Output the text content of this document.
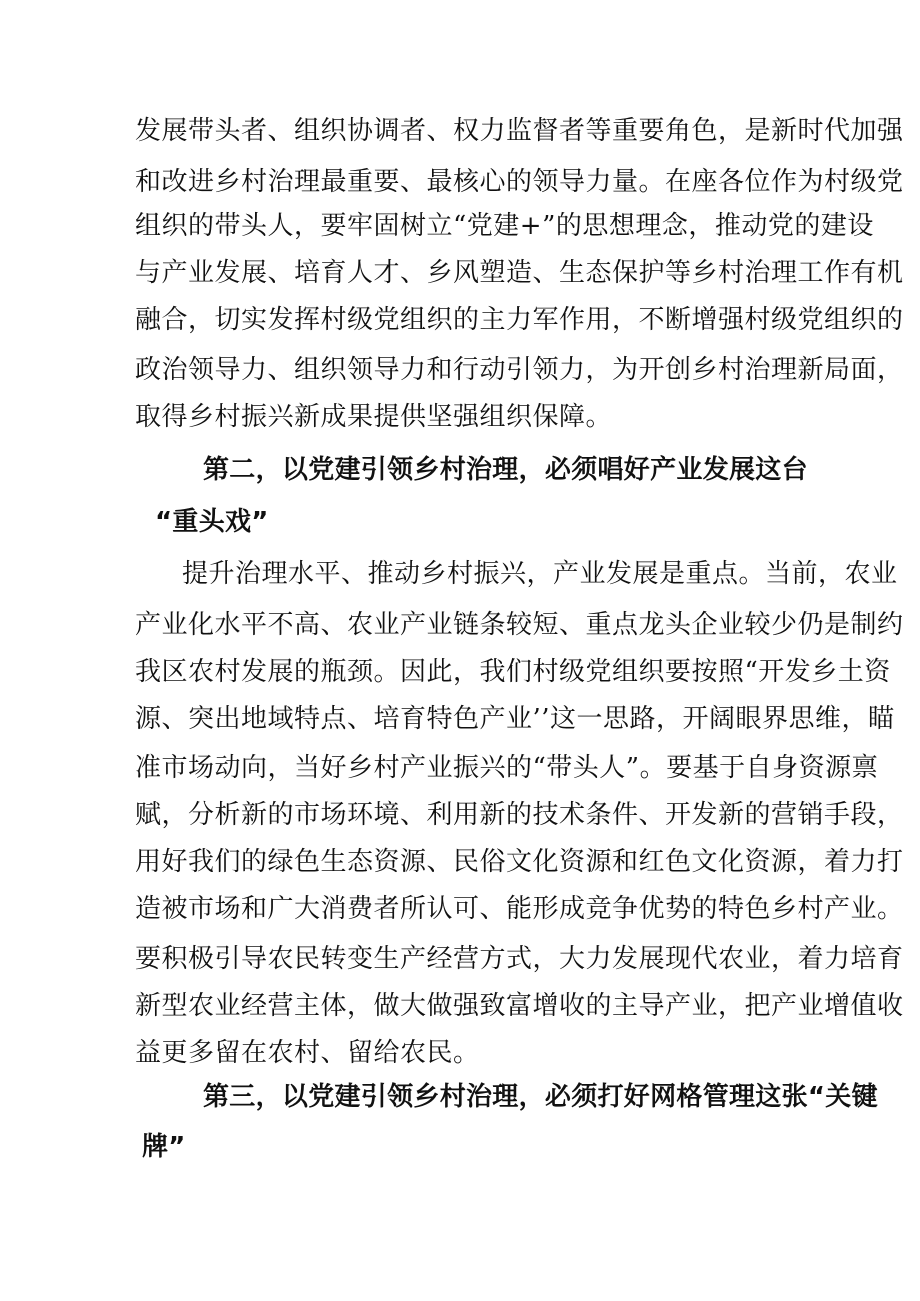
发展带头者、组织协调者、权力监督者等重要角色，是新时代加强
和改进乡村治理最重要、最核心的领导力量。在座各位作为村级党
组织的带头人，要牢固树立“党建+”的思想理念，推动党的建设
与产业发展、培育人才、乡风塑造、生态保护等乡村治理工作有机
融合，切实发挥村级党组织的主力军作用，不断增强村级党组织的
政治领导力、组织领导力和行动引领力，为开创乡村治理新局面，
取得乡村振兴新成果提供坚强组织保障。
第二，以党建引领乡村治理，必须唱好产业发展这台
“重头戏”
提升治理水平、推动乡村振兴，产业发展是重点。当前，农业
产业化水平不高、农业产业链条较短、重点龙头企业较少仍是制约
我区农村发展的瓶颈。因此，我们村级党组织要按照“开发乡土资
源、突出地域特点、培育特色产业’’这一思路，开阔眼界思维，瞄
准市场动向，当好乡村产业振兴的“带头人”。要基于自身资源禀
赋，分析新的市场环境、利用新的技术条件、开发新的营销手段，
用好我们的绿色生态资源、民俗文化资源和红色文化资源，着力打
造被市场和广大消费者所认可、能形成竞争优势的特色乡村产业。
要积极引导农民转变生产经营方式，大力发展现代农业，着力培育
新型农业经营主体，做大做强致富增收的主导产业，把产业增值收
益更多留在农村、留给农民。
第三，以党建引领乡村治理，必须打好网格管理这张“关键
牌”
